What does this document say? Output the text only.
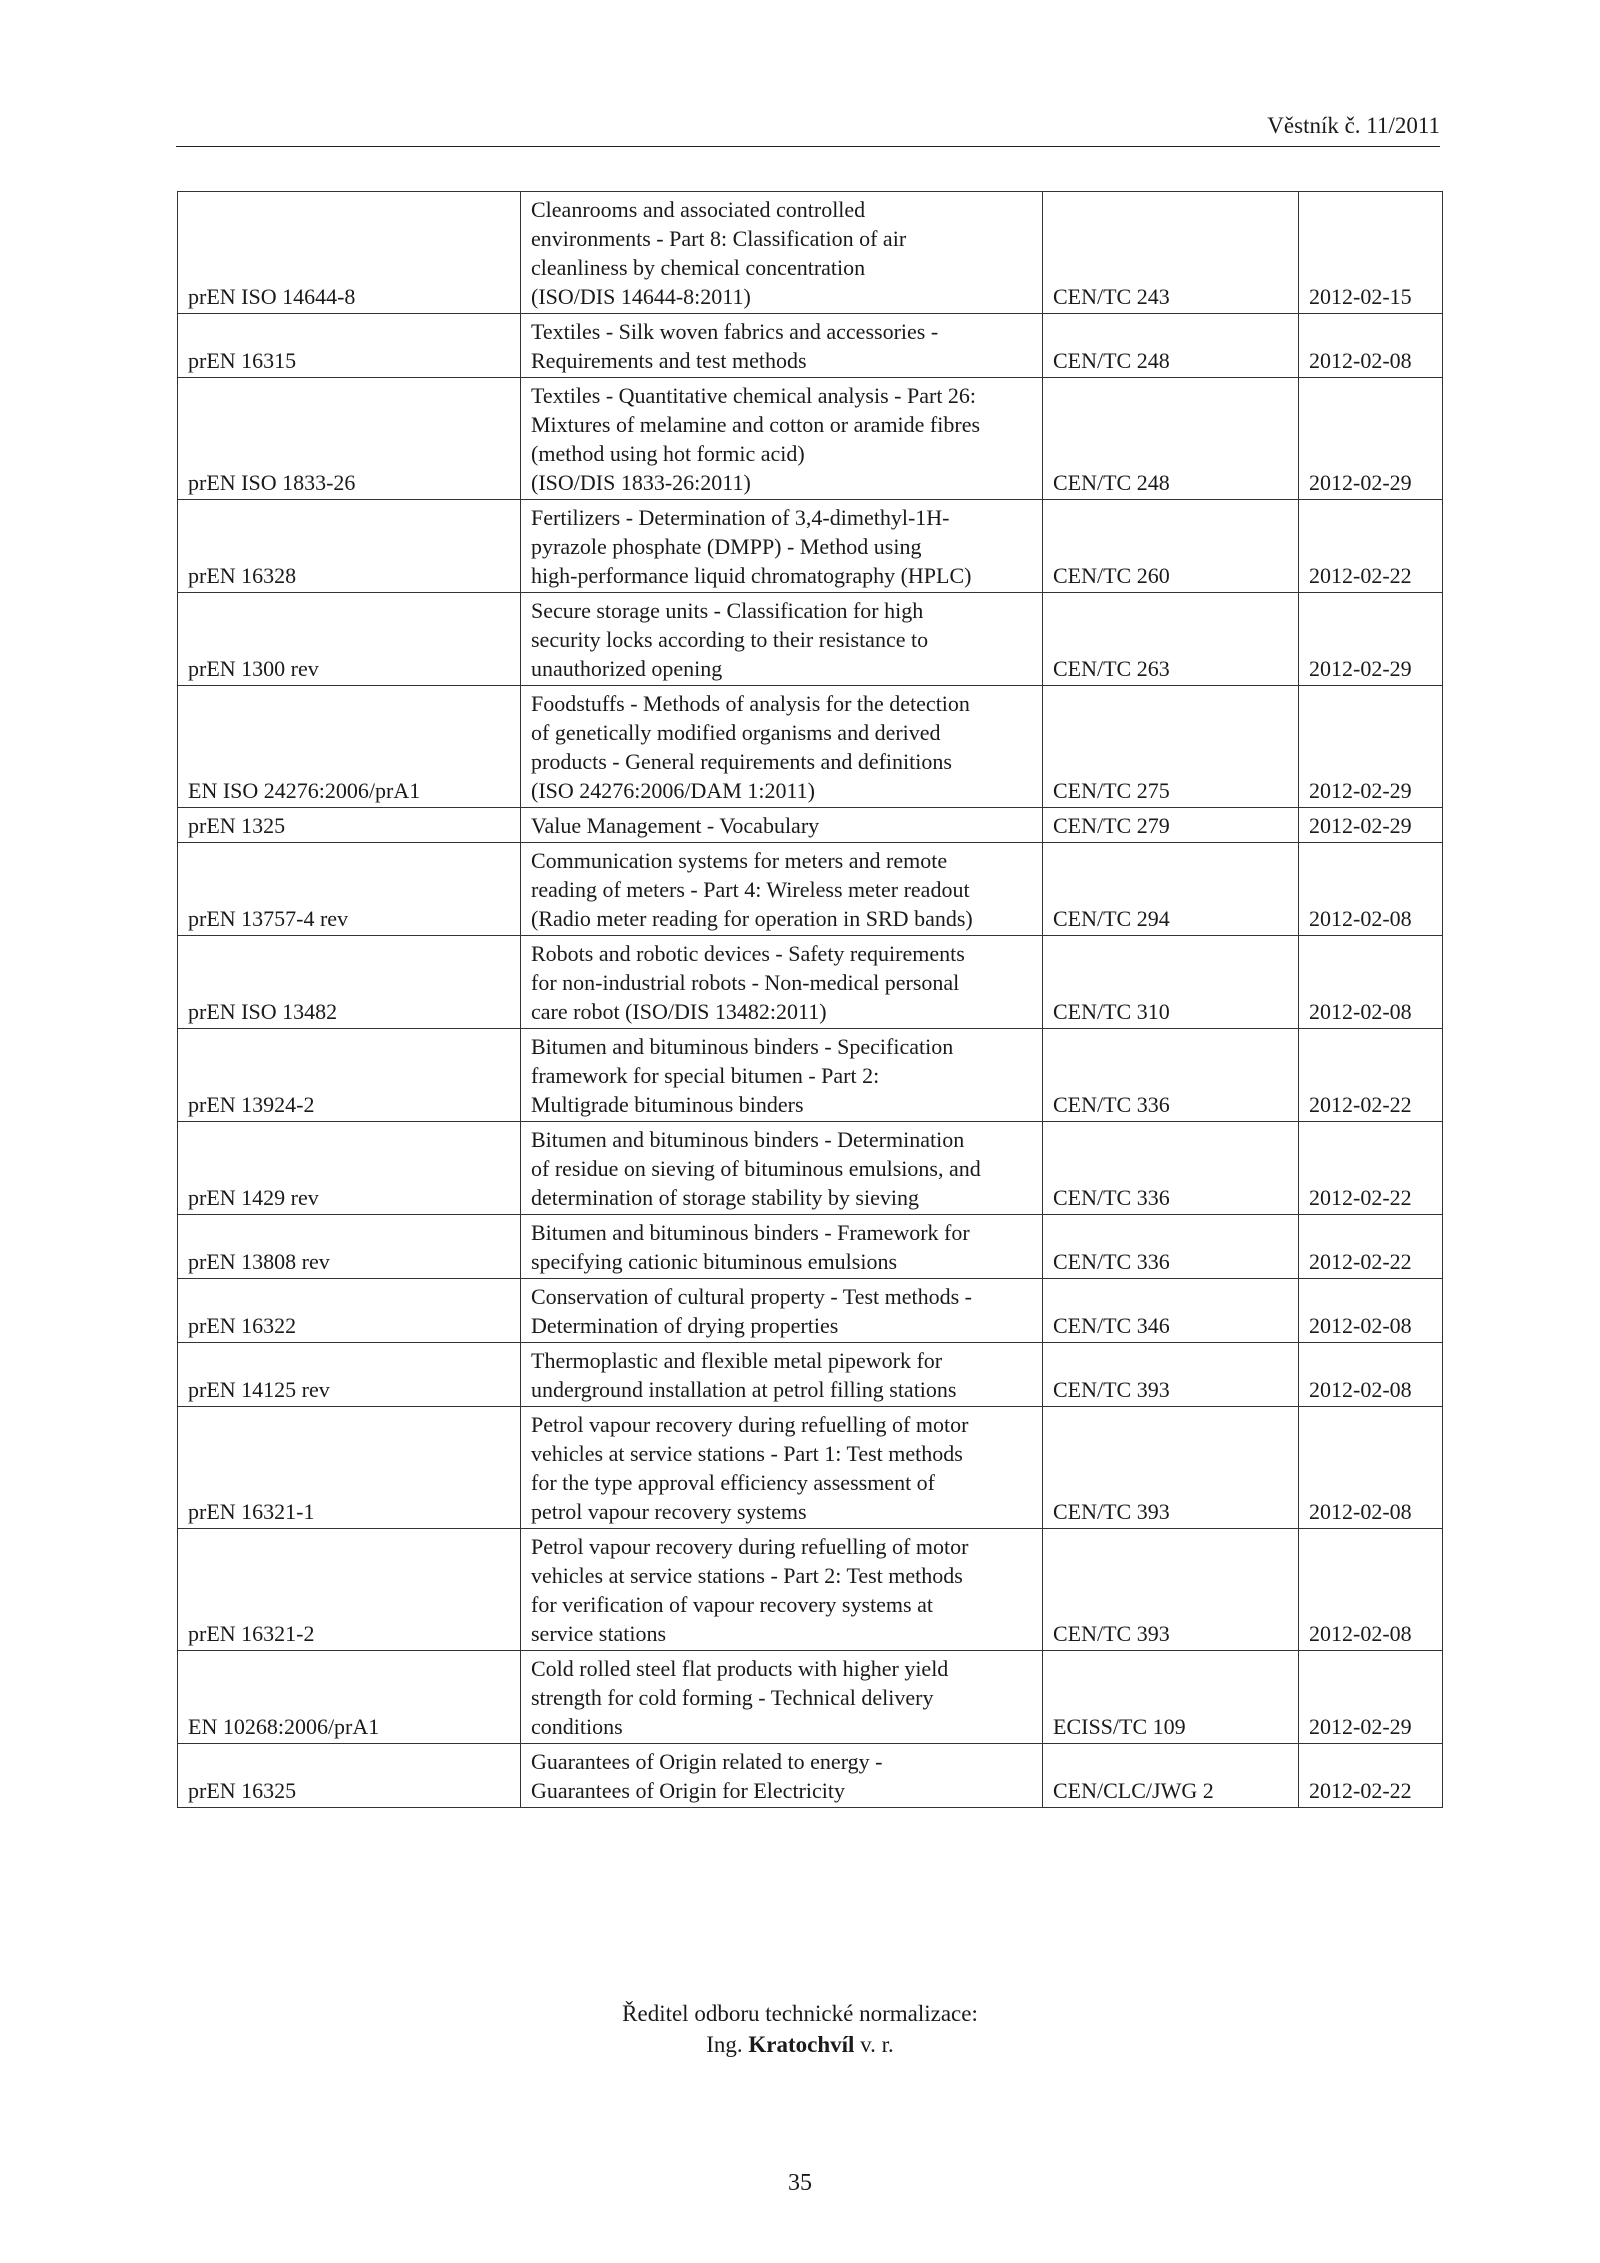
Věstník č. 11/2011
prEN ISO 14644-8	Cleanrooms and associated controlled
environments - Part 8: Classification of air
cleanliness by chemical concentration
(ISO/DIS 14644-8:2011)	CEN/TC 243	2012-02-15
prEN 16315	Textiles - Silk woven fabrics and accessories -
Requirements and test methods	CEN/TC 248	2012-02-08
prEN ISO 1833-26	Textiles - Quantitative chemical analysis - Part 26:
Mixtures of melamine and cotton or aramide fibres
(method using hot formic acid)
(ISO/DIS 1833-26:2011)	CEN/TC 248	2012-02-29
prEN 16328	Fertilizers - Determination of 3,4-dimethyl-1H-
pyrazole phosphate (DMPP) - Method using
high-performance liquid chromatography (HPLC)	CEN/TC 260	2012-02-22
prEN 1300 rev	Secure storage units - Classification for high
security locks according to their resistance to
unauthorized opening	CEN/TC 263	2012-02-29
EN ISO 24276:2006/prA1	Foodstuffs - Methods of analysis for the detection
of genetically modified organisms and derived
products - General requirements and definitions
(ISO 24276:2006/DAM 1:2011)	CEN/TC 275	2012-02-29
prEN 1325	Value Management - Vocabulary	CEN/TC 279	2012-02-29
prEN 13757-4 rev	Communication systems for meters and remote
reading of meters - Part 4: Wireless meter readout
(Radio meter reading for operation in SRD bands)	CEN/TC 294	2012-02-08
prEN ISO 13482	Robots and robotic devices - Safety requirements
for non-industrial robots - Non-medical personal
care robot (ISO/DIS 13482:2011)	CEN/TC 310	2012-02-08
prEN 13924-2	Bitumen and bituminous binders - Specification
framework for special bitumen - Part 2:
Multigrade bituminous binders	CEN/TC 336	2012-02-22
prEN 1429 rev	Bitumen and bituminous binders - Determination
of residue on sieving of bituminous emulsions, and
determination of storage stability by sieving	CEN/TC 336	2012-02-22
prEN 13808 rev	Bitumen and bituminous binders - Framework for
specifying cationic bituminous emulsions	CEN/TC 336	2012-02-22
prEN 16322	Conservation of cultural property - Test methods -
Determination of drying properties	CEN/TC 346	2012-02-08
prEN 14125 rev	Thermoplastic and flexible metal pipework for
underground installation at petrol filling stations	CEN/TC 393	2012-02-08
prEN 16321-1	Petrol vapour recovery during refuelling of motor
vehicles at service stations - Part 1: Test methods
for the type approval efficiency assessment of
petrol vapour recovery systems	CEN/TC 393	2012-02-08
prEN 16321-2	Petrol vapour recovery during refuelling of motor
vehicles at service stations - Part 2: Test methods
for verification of vapour recovery systems at
service stations	CEN/TC 393	2012-02-08
EN 10268:2006/prA1	Cold rolled steel flat products with higher yield
strength for cold forming - Technical delivery
conditions	ECISS/TC 109	2012-02-29
prEN 16325	Guarantees of Origin related to energy -
Guarantees of Origin for Electricity	CEN/CLC/JWG 2	2012-02-22
Ředitel odboru technické normalizace:
Ing. Kratochvíl v. r.
35
